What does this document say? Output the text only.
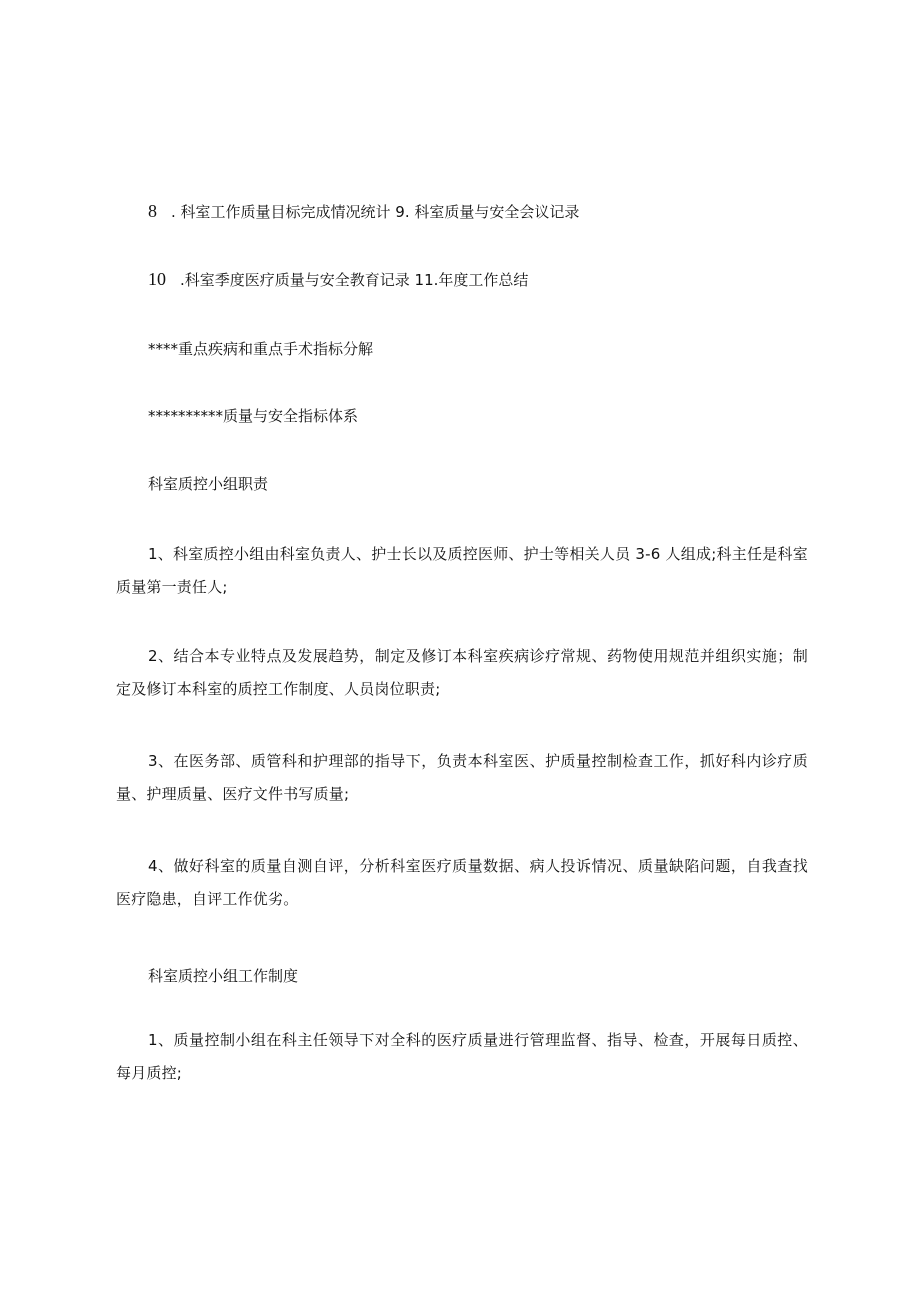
8 . 科室工作质量目标完成情况统计 9. 科室质量与安全会议记录
10 .科室季度医疗质量与安全教育记录 11.年度工作总结
****重点疾病和重点手术指标分解
**********质量与安全指标体系
科室质控小组职责
1、科室质控小组由科室负责人、护士长以及质控医师、护士等相关人员 3-6 人组成;科主任是科室质量第一责任人;
2、结合本专业特点及发展趋势，制定及修订本科室疾病诊疗常规、药物使用规范并组织实施；制定及修订本科室的质控工作制度、人员岗位职责;
3、在医务部、质管科和护理部的指导下，负责本科室医、护质量控制检查工作，抓好科内诊疗质量、护理质量、医疗文件书写质量;
4、做好科室的质量自测自评，分析科室医疗质量数据、病人投诉情况、质量缺陷问题，自我查找医疗隐患，自评工作优劣。
科室质控小组工作制度
1、质量控制小组在科主任领导下对全科的医疗质量进行管理监督、指导、检查，开展每日质控、每月质控;
